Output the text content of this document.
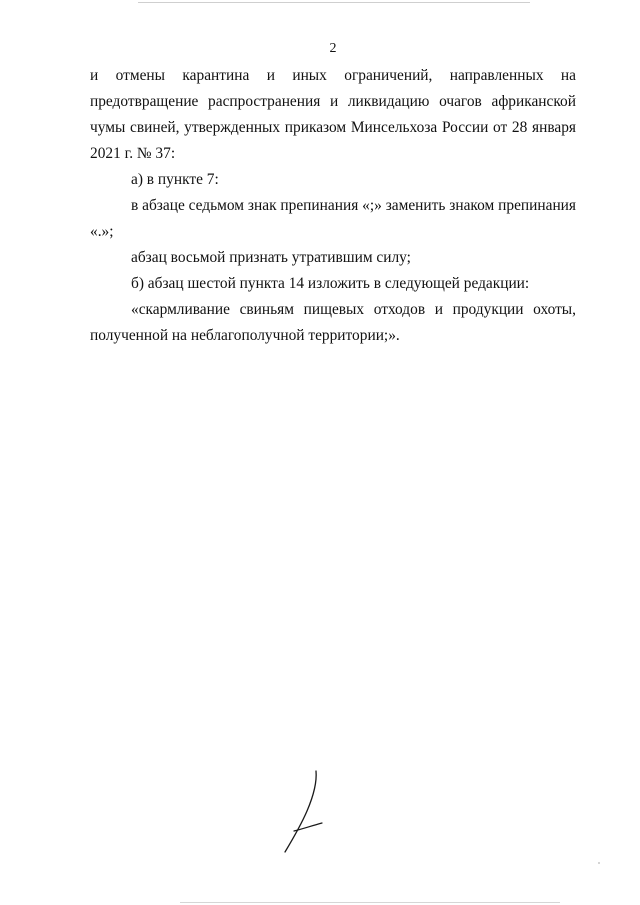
2

и отмены карантина и иных ограничений, направленных на предотвращение распространения и ликвидацию очагов африканской чумы свиней, утвержденных приказом Минсельхоза России от 28 января 2021 г. № 37:

а) в пункте 7:

в абзаце седьмом знак препинания «;» заменить знаком препинания «.»;

абзац восьмой признать утратившим силу;

б) абзац шестой пункта 14 изложить в следующей редакции:

«скармливание свиньям пищевых отходов и продукции охоты, полученной на неблагополучной территории;».
